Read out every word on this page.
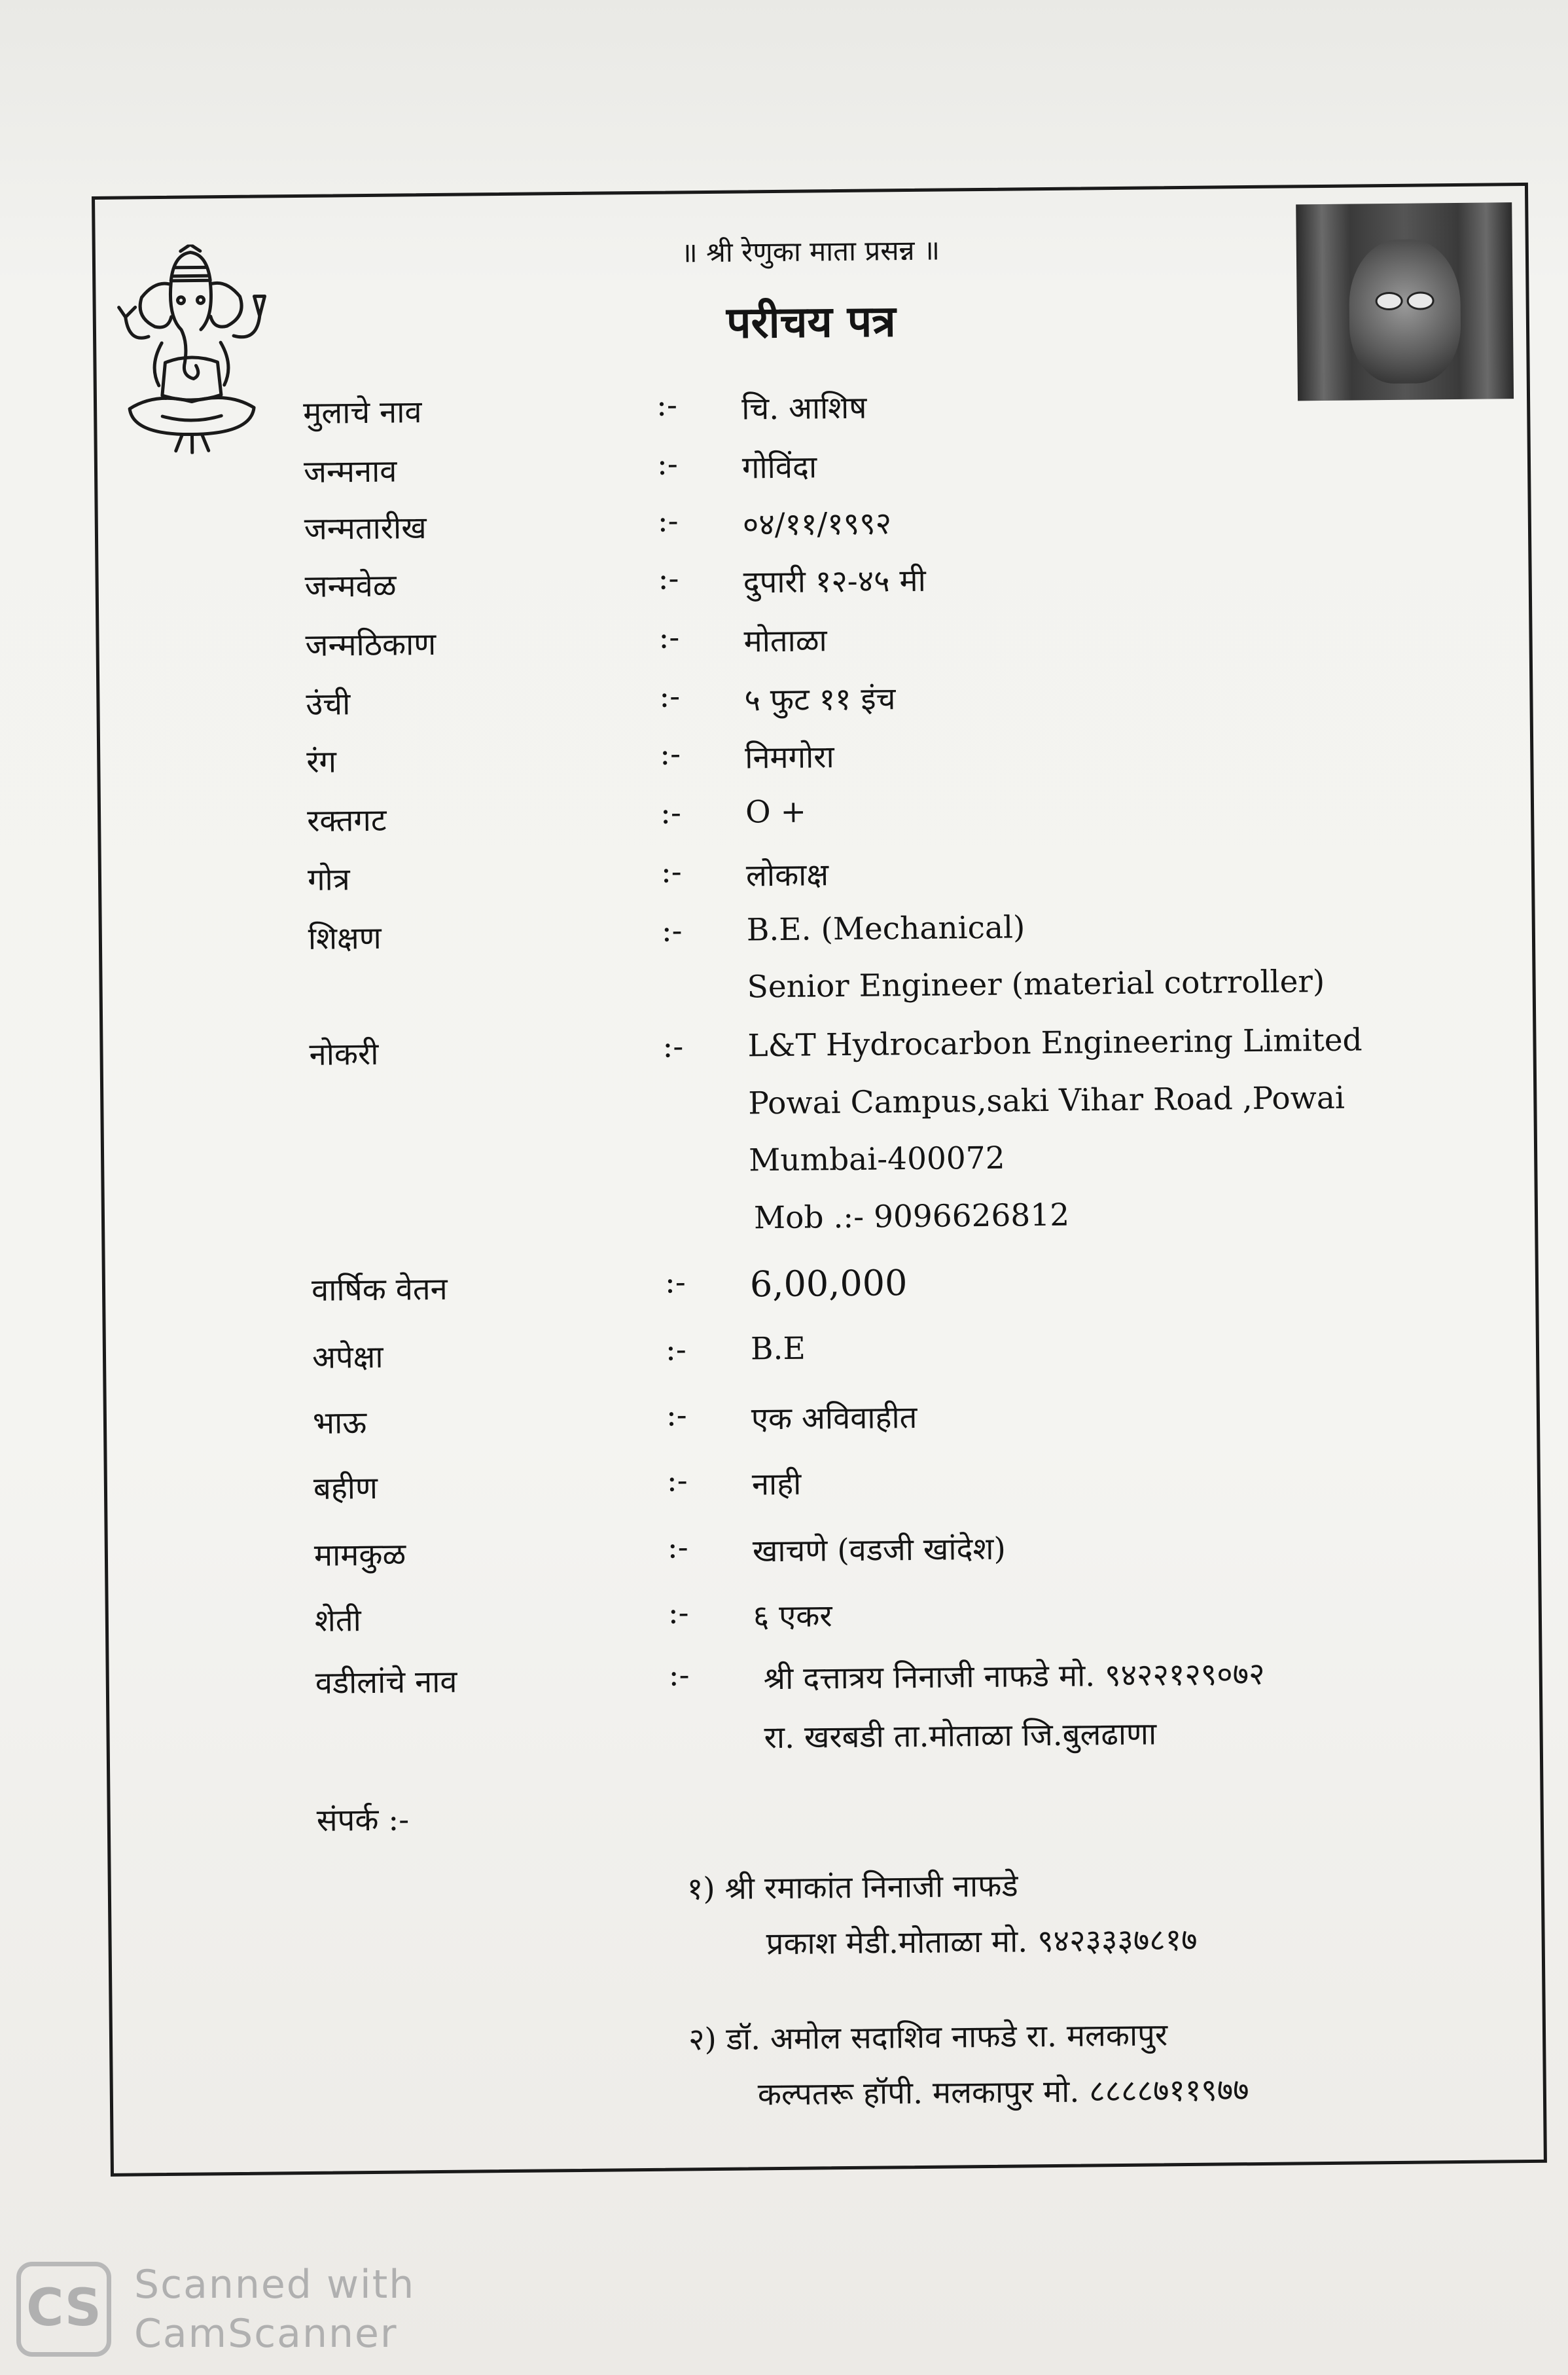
॥ श्री रेणुका माता प्रसन्न ॥
परीचय पत्र
मुलाचे नाव	:- चि. आशिष
जन्मनाव	:- गोविंदा
जन्मतारीख	:- ०४/११/१९९२
जन्मवेळ	:- दुपारी १२-४५ मी
जन्मठिकाण	:- मोताळा
उंची	:- ५ फुट ११ इंच
रंग	:- निमगोरा
रक्तगट	:- O +
गोत्र	:- लोकाक्ष
शिक्षण	:- B.E. (Mechanical)
Senior Engineer (material cotrroller)
नोकरी	:- L&T Hydrocarbon Engineering Limited
Powai Campus,saki Vihar Road ,Powai
Mumbai-400072
Mob .:- 9096626812
वार्षिक वेतन	:- 6,00,000
अपेक्षा	:- B.E
भाऊ	:- एक अविवाहीत
बहीण	:- नाही
मामकुळ	:- खाचणे (वडजी खांदेश)
शेती	:- ६ एकर
वडीलांचे नाव	:- श्री दत्तात्रय निनाजी नाफडे मो. ९४२२१२९०७२
रा. खरबडी ता.मोताळा जि.बुलढाणा
संपर्क :-
१) श्री रमाकांत निनाजी नाफडे
प्रकाश मेडी.मोताळा मो. ९४२३३३७८१७
२) डॉ. अमोल सदाशिव नाफडे रा. मलकापुर
कल्पतरू हॉपी. मलकापुर मो. ८८८८७११९७७
CS Scanned with
CamScanner
